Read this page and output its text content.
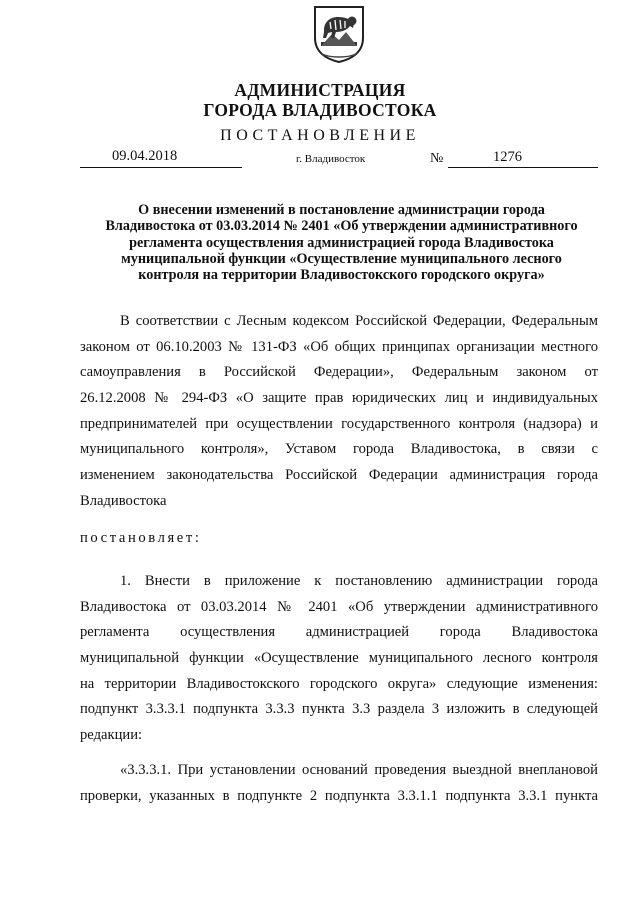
АДМИНИСТРАЦИЯ
ГОРОДА ВЛАДИВОСТОКА
ПОСТАНОВЛЕНИЕ
09.04.2018	г. Владивосток	№	1276
О внесении изменений в постановление администрации города
Владивостока от 03.03.2014 № 2401 «Об утверждении административного
регламента осуществления администрацией города Владивостока
муниципальной функции «Осуществление муниципального лесного
контроля на территории Владивостокского городского округа»
В соответствии с Лесным кодексом Российской Федерации, Федеральным
законом от 06.10.2003 № 131-ФЗ «Об общих принципах организации местного
самоуправления в Российской Федерации», Федеральным законом от
26.12.2008 № 294-ФЗ «О защите прав юридических лиц и индивидуальных
предпринимателей при осуществлении государственного контроля (надзора) и
муниципального контроля», Уставом города Владивостока, в связи с
изменением законодательства Российской Федерации администрация города
Владивостока
постановляет:
1. Внести в приложение к постановлению администрации города
Владивостока от 03.03.2014 № 2401 «Об утверждении административного
регламента осуществления администрацией города Владивостока
муниципальной функции «Осуществление муниципального лесного контроля
на территории Владивостокского городского округа» следующие изменения:
подпункт 3.3.3.1 подпункта 3.3.3 пункта 3.3 раздела 3 изложить в следующей
редакции:
«3.3.3.1. При установлении оснований проведения выездной внеплановой
проверки, указанных в подпункте 2 подпункта 3.3.1.1 подпункта 3.3.1 пункта
